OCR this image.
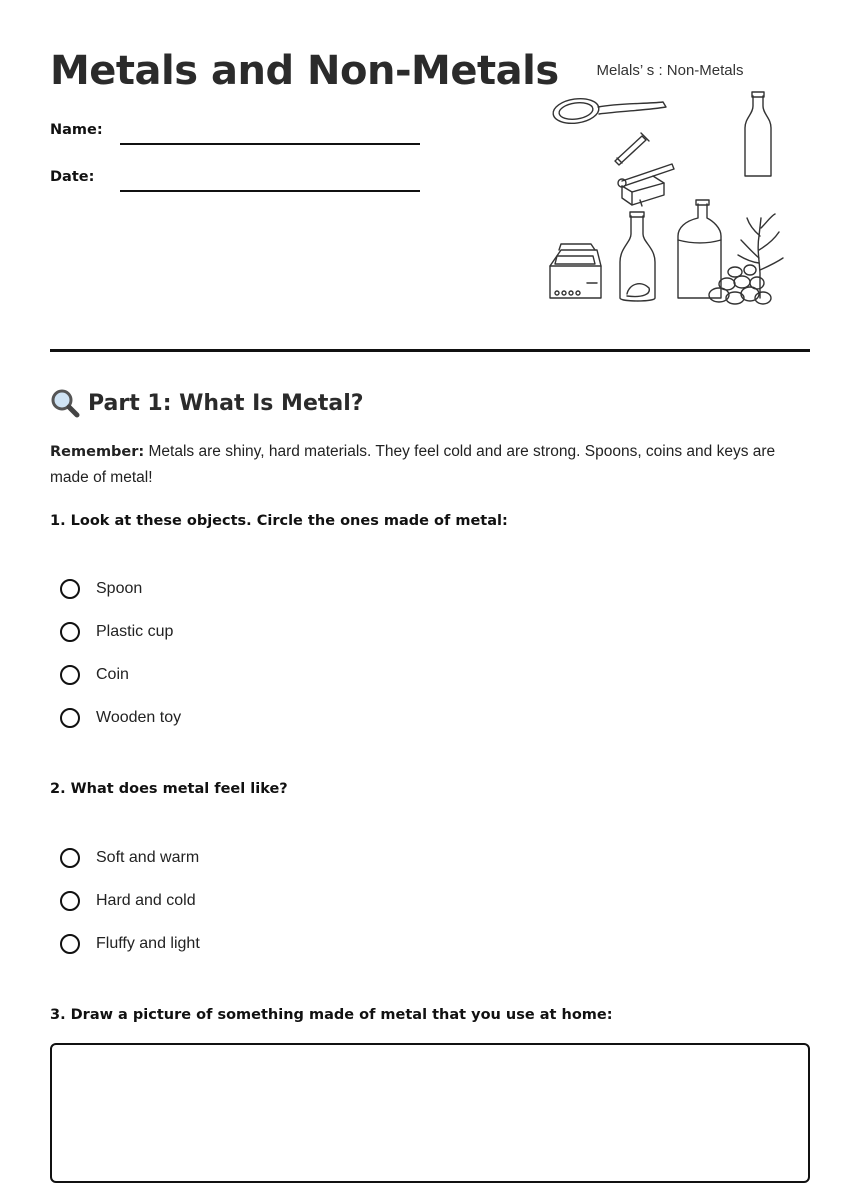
Metals and Non-Metals
Name:
Date:
Melals’ s : Non-Metals
Part 1: What Is Metal?

Remember: Metals are shiny, hard materials. They feel cold and are strong. Spoons, coins and keys are made of metal!

1. Look at these objects. Circle the ones made of metal:

Spoon
Plastic cup
Coin
Wooden toy

2. What does metal feel like?

Soft and warm
Hard and cold
Fluffy and light

3. Draw a picture of something made of metal that you use at home:
